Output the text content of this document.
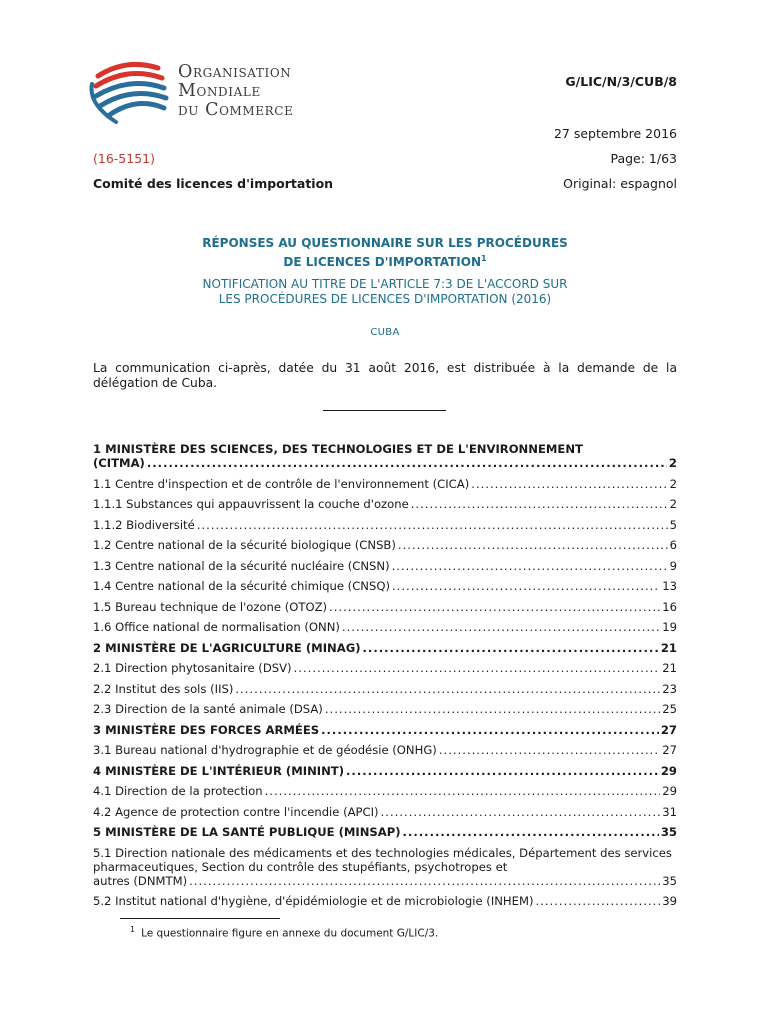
Organisation
Mondiale
du Commerce
G/LIC/N/3/CUB/8
27 septembre 2016
(16-5151)	Page: 1/63
Comité des licences d'importation	Original: espagnol
RÉPONSES AU QUESTIONNAIRE SUR LES PROCÉDURES
DE LICENCES D'IMPORTATION$^1$
NOTIFICATION AU TITRE DE L'ARTICLE 7:3 DE L'ACCORD SUR
LES PROCÉDURES DE LICENCES D'IMPORTATION (2016)
CUBA
La communication ci-après, datée du 31 août 2016, est distribuée à la demande de la délégation de Cuba.
1 MINISTÈRE DES SCIENCES, DES TECHNOLOGIES ET DE L'ENVIRONNEMENT
(CITMA) .....	2
1.1 Centre d'inspection et de contrôle de l'environnement (CICA) .....	2
1.1.1 Substances qui appauvrissent la couche d'ozone .....	2
1.1.2 Biodiversité .....	5
1.2 Centre national de la sécurité biologique (CNSB) .....	6
1.3 Centre national de la sécurité nucléaire (CNSN) .....	9
1.4 Centre national de la sécurité chimique (CNSQ) .....	13
1.5 Bureau technique de l'ozone (OTOZ) .....	16
1.6 Office national de normalisation (ONN) .....	19
2 MINISTÈRE DE L'AGRICULTURE (MINAG) .....	21
2.1 Direction phytosanitaire (DSV) .....	21
2.2 Institut des sols (IIS) .....	23
2.3 Direction de la santé animale (DSA) .....	25
3 MINISTÈRE DES FORCES ARMÉES .....	27
3.1 Bureau national d'hydrographie et de géodésie (ONHG) .....	27
4 MINISTÈRE DE L'INTÉRIEUR (MININT) .....	29
4.1 Direction de la protection .....	29
4.2 Agence de protection contre l'incendie (APCI) .....	31
5 MINISTÈRE DE LA SANTÉ PUBLIQUE (MINSAP) .....	35
5.1 Direction nationale des médicaments et des technologies médicales, Département des services pharmaceutiques, Section du contrôle des stupéfiants, psychotropes et
autres (DNMTM) .....	35
5.2 Institut national d'hygiène, d'épidémiologie et de microbiologie (INHEM) .....	39
$^1$ Le questionnaire figure en annexe du document G/LIC/3.
